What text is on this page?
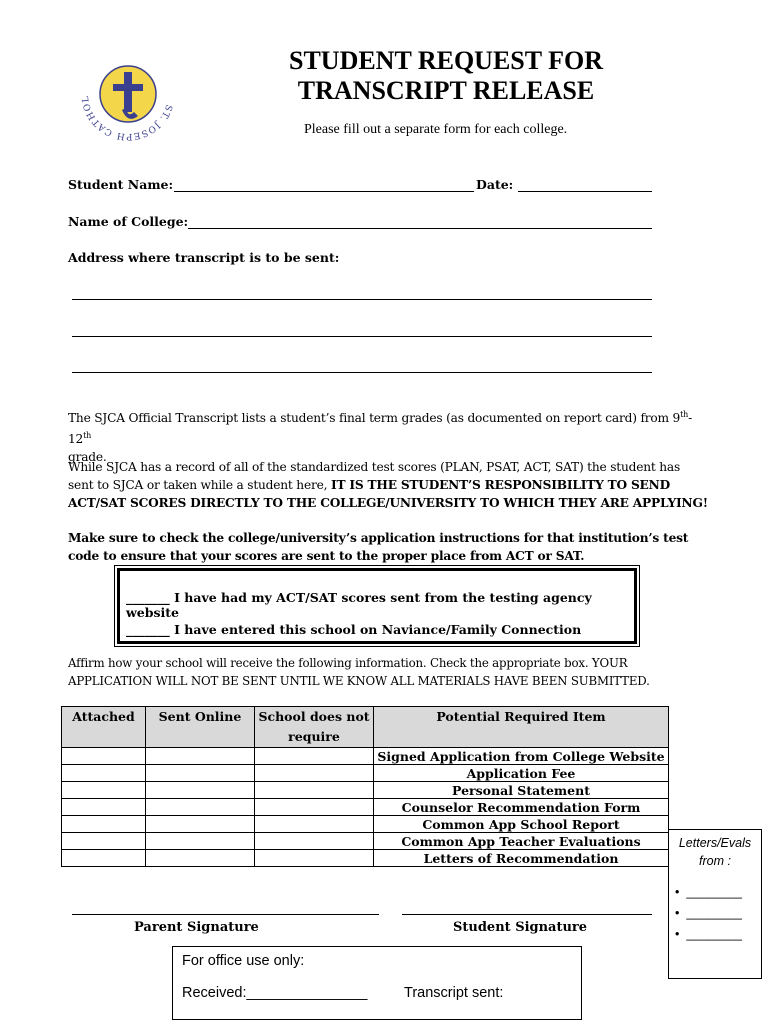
ST. JOSEPH CATHOL
STUDENT REQUEST FOR
TRANSCRIPT RELEASE
Please fill out a separate form for each college.
Student Name:	Date:
Name of College:
Address where transcript is to be sent:
The SJCA Official Transcript lists a student’s final term grades (as documented on report card) from 9th-12th
grade.
While SJCA has a record of all of the standardized test scores (PLAN, PSAT, ACT, SAT) the student has sent to SJCA or taken while a student here, IT IS THE STUDENT’S RESPONSIBILITY TO SEND ACT/SAT SCORES DIRECTLY TO THE COLLEGE/UNIVERSITY TO WHICH THEY ARE APPLYING!
Make sure to check the college/university’s application instructions for that institution’s test code to ensure that your scores are sent to the proper place from ACT or SAT.
_______ I have had my ACT/SAT scores sent from the testing agency website
_______ I have entered this school on Naviance/Family Connection
Affirm how your school will receive the following information. Check the appropriate box. YOUR
APPLICATION WILL NOT BE SENT UNTIL WE KNOW ALL MATERIALS HAVE BEEN SUBMITTED.
Attached	Sent Online	School does not require	Potential Required Item
			Signed Application from College Website
			Application Fee
			Personal Statement
			Counselor Recommendation Form
			Common App School Report
			Common App Teacher Evaluations
			Letters of Recommendation
Letters/Evals
from :
•  ________
•  ________
•  ________
Parent Signature	Student Signature
For office use only:
Received:_______________	Transcript sent:
